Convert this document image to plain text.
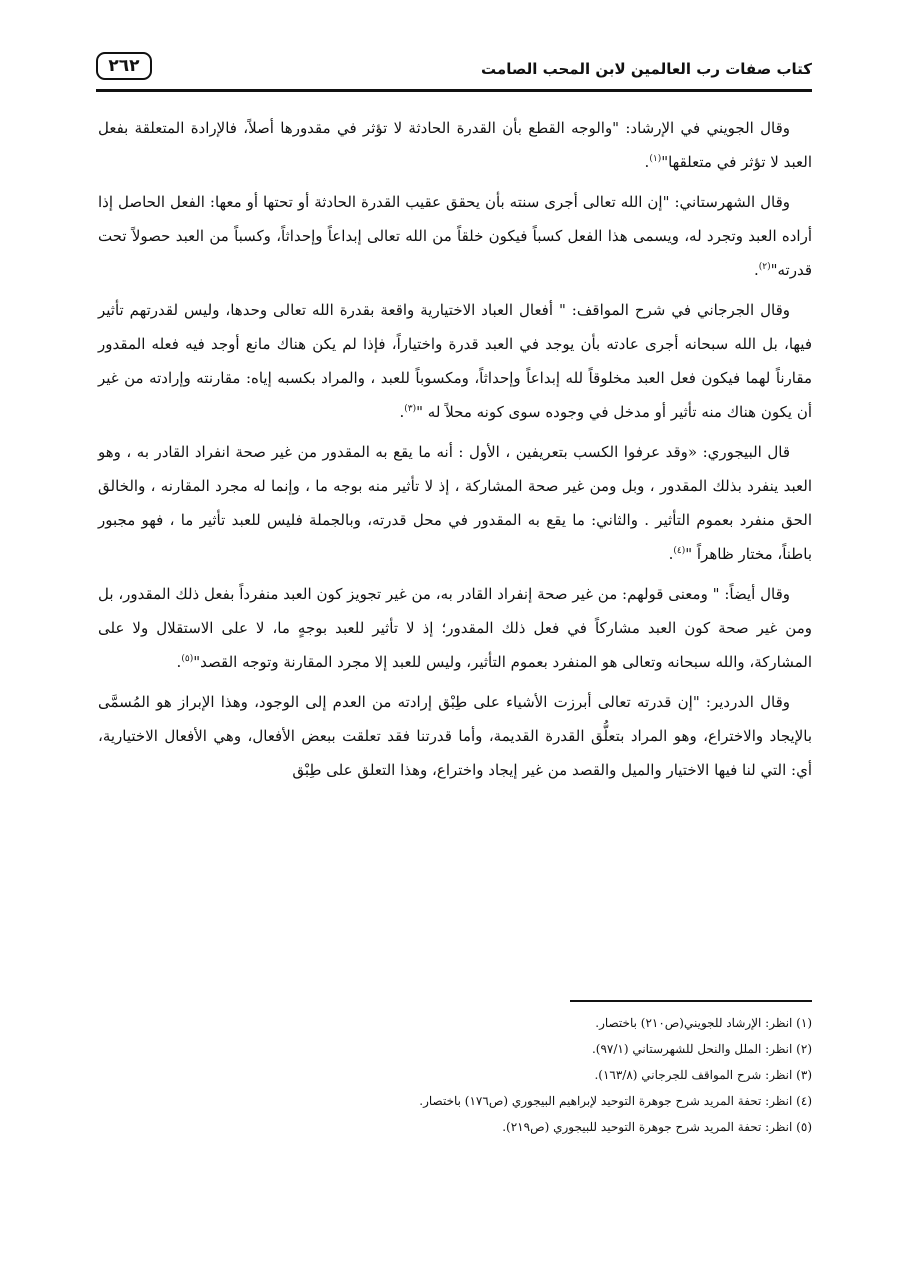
كتاب صفات رب العالمين لابن المحب الصامت
٢٦٢

وقال الجويني في الإرشاد: "والوجه القطع بأن القدرة الحادثة لا تؤثر في مقدورها أصلاً، فالإرادة المتعلقة بفعل العبد لا تؤثر في متعلقها"$^{(١)}$.

وقال الشهرستاني: "إن الله تعالى أجرى سنته بأن يحقق عقيب القدرة الحادثة أو تحتها أو معها: الفعل الحاصل إذا أراده العبد وتجرد له، ويسمى هذا الفعل كسباً فيكون خلقاً من الله تعالى إبداعاً وإحداثاً، وكسباً من العبد حصولاً تحت قدرته"$^{(٢)}$.

وقال الجرجاني في شرح المواقف: " أفعال العباد الاختيارية واقعة بقدرة الله تعالى وحدها، وليس لقدرتهم تأثير فيها، بل الله سبحانه أجرى عادته بأن يوجد في العبد قدرة واختياراً، فإذا لم يكن هناك مانع أوجد فيه فعله المقدور مقارناً لهما فيكون فعل العبد مخلوقاً لله إبداعاً وإحداثاً، ومكسوباً للعبد ، والمراد بكسبه إياه: مقارنته وإرادته من غير أن يكون هناك منه تأثير أو مدخل في وجوده سوى كونه محلاً له "$^{(٣)}$.

قال البيجوري: «وقد عرفوا الكسب بتعريفين ، الأول : أنه ما يقع به المقدور من غير صحة انفراد القادر به ، وهو العبد ينفرد بذلك المقدور ، وبل ومن غير صحة المشاركة ، إذ لا تأثير منه بوجه ما ، وإنما له مجرد المقارنه ، والخالق الحق منفرد بعموم التأثير . والثاني: ما يقع به المقدور في محل قدرته، وبالجملة فليس للعبد تأثير ما ، فهو مجبور باطناً، مختار ظاهراً "$^{(٤)}$.

وقال أيضاً: " ومعنى قولهم: من غير صحة إنفراد القادر به، من غير تجويز كون العبد منفرداً بفعل ذلك المقدور، بل ومن غير صحة كون العبد مشاركاً في فعل ذلك المقدور؛ إذ لا تأثير للعبد بوجهٍ ما، لا على الاستقلال ولا على المشاركة، والله سبحانه وتعالى هو المنفرد بعموم التأثير، وليس للعبد إلا مجرد المقارنة وتوجه القصد"$^{(٥)}$.

وقال الدردير: "إن قدرته تعالى أبرزت الأشياء على طِبْق إرادته من العدم إلى الوجود، وهذا الإبراز هو المُسمَّى بالإيجاد والاختراع، وهو المراد بتعلُّق القدرة القديمة، وأما قدرتنا فقد تعلقت ببعض الأفعال، وهي الأفعال الاختيارية، أي: التي لنا فيها الاختيار والميل والقصد من غير إيجاد واختراع، وهذا التعلق على طِبْق

(١) انظر: الإرشاد للجويني(ص٢١٠) باختصار.
(٢) انظر: الملل والنحل للشهرستاني (٩٧/١).
(٣) انظر: شرح المواقف للجرجاني (١٦٣/٨).
(٤) انظر: تحفة المريد شرح جوهرة التوحيد لإبراهيم البيجوري (ص١٧٦) باختصار.
(٥) انظر: تحفة المريد شرح جوهرة التوحيد للبيجوري (ص٢١٩).
